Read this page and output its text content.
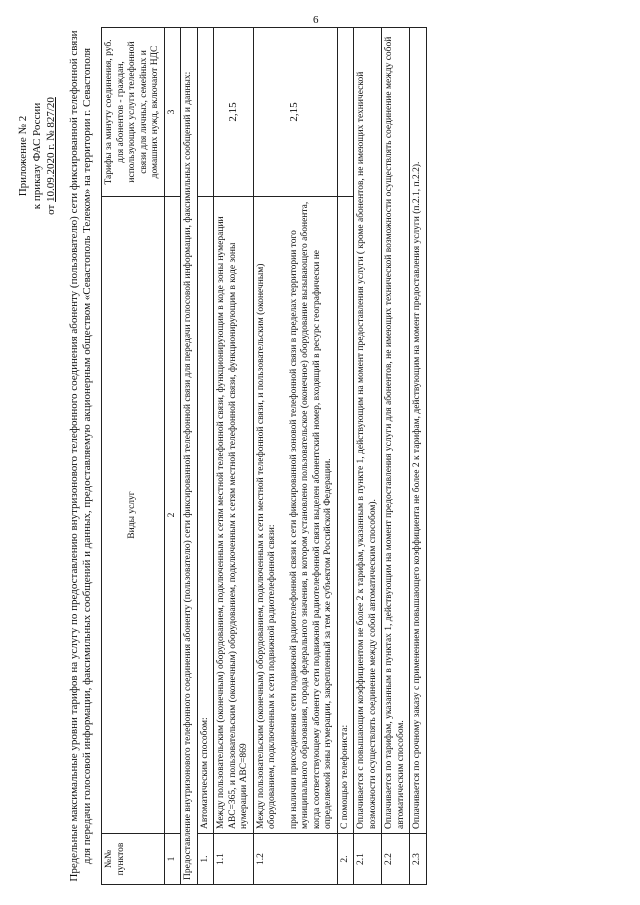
6
Приложение № 2 к приказу ФАС России
от 10.09.2020 г. № 827/20 Предельные максимальные уровни тарифов на услугу по предоставлению внутризонового телефонного соединения абоненту (пользователю) сети фиксированной телефонной связи для передачи голосовой информации, факсимильных сообщений и данных, предоставляемую акционерным обществом «Севастополь Телеком» на территории г. Севастополя №№ пунктов	Виды услуг	Тарифы за минуту соединения, руб. для абонентов - граждан, использующих услуги телефонной связи для личных, семейных и домашних нужд, включают НДС
1	2	3
Предоставление внутризонового телефонного соединения абоненту (пользователю) сети фиксированной телефонной связи для передачи голосовой информации, факсимильных сообщений и данных:		
1.	Автоматическим способом:	
1.1	Между пользовательским (оконечным) оборудованием, подключенным к сетям местной телефонной связи, функционирующим в коде зоны нумерации АВС=365, и пользовательским (оконечным) оборудованием, подключенным к сетям местной телефонной связи, функционирующим в коде зоны нумерации АВС=869	2,15
1.2	Между пользовательским (оконечным) оборудованием, подключенным к сети местной телефонной связи, и пользовательским (оконечным) оборудованием, подключенным к сети подвижной радиотелефонной связи: при наличии присоединения сети подвижной радиотелефонной связи к сети фиксированной зоновой телефонной связи в пределах территории того муниципального образования, города федерального значения, в котором установлено пользовательское (оконечное) оборудование вызывающего абонента, когда соответствующему абоненту сети подвижной радиотелефонной связи выделен абонентский номер, входящий в ресурс географически не определяемой зоны нумерации, закрепленный за тем же субъектом Российской Федерации.	2,15
2.	С помощью телефониста:	
2.1	Оплачивается с повышающим коэффициентом не более 2 к тарифам, указанным в пункте 1, действующим на момент предоставления услуги ( кроме абонентов, не имеющих технической возможности осуществлять соединение между собой автоматическим способом).	
2.2	Оплачивается по тарифам, указанным в пунктах 1, действующим на момент предоставления услуги для абонентов, не имеющих технической возможности осуществлять соединение между собой автоматическим способом.	
2.3	Оплачивается по срочному заказу с применением повышающего коэффициента не более 2 к тарифам, действующим на момент предоставления услуги (п.2.1, п.2.2).	
